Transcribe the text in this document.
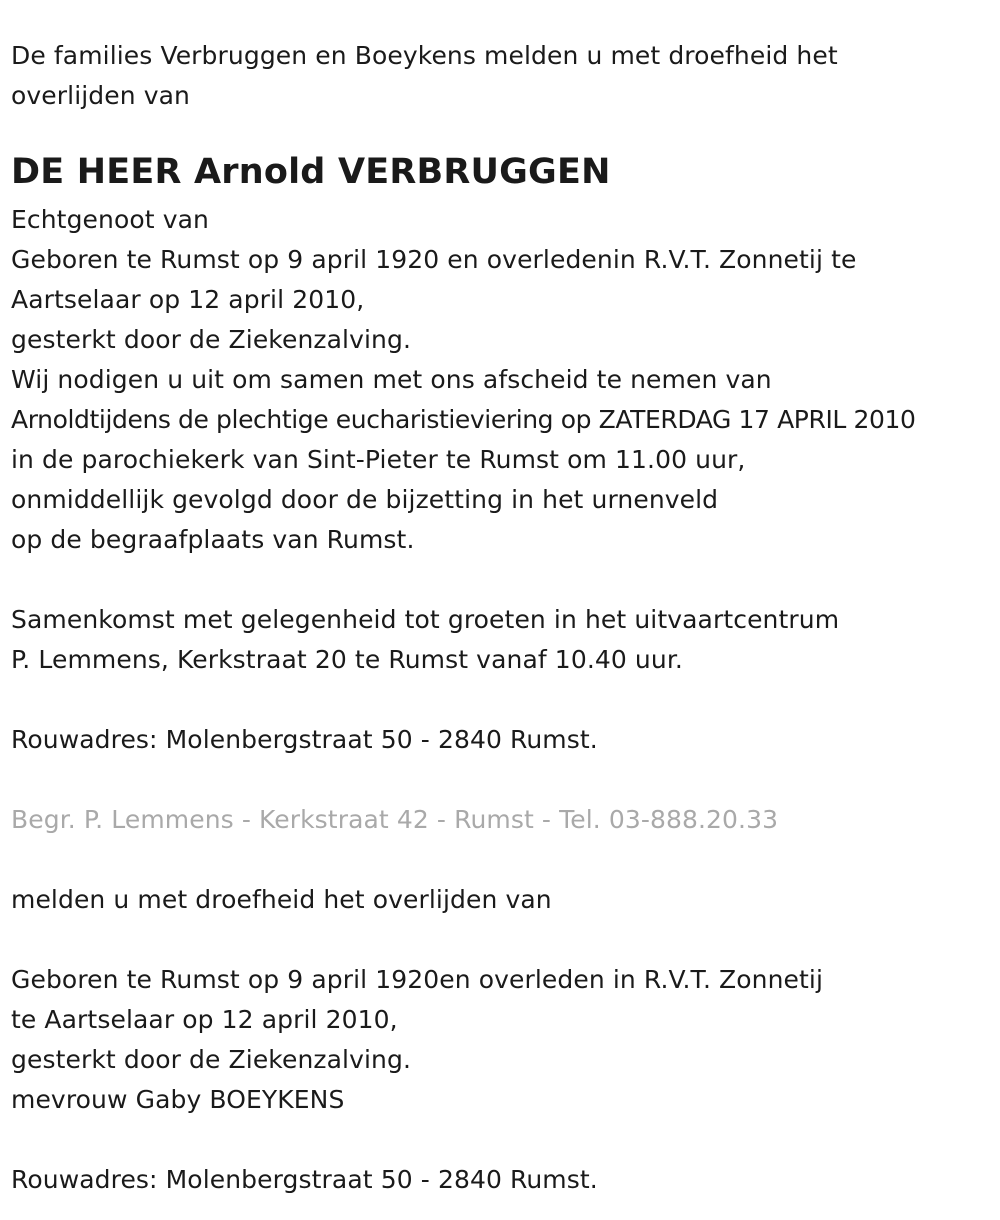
De families Verbruggen en Boeykens melden u met droefheid het
overlijden van
DE HEER Arnold VERBRUGGEN
Echtgenoot van
Geboren te Rumst op 9 april 1920 en overledenin R.V.T. Zonnetij te
Aartselaar op 12 april 2010,
gesterkt door de Ziekenzalving.
Wij nodigen u uit om samen met ons afscheid te nemen van
Arnoldtijdens de plechtige eucharistieviering op ZATERDAG 17 APRIL 2010
in de parochiekerk van Sint-Pieter te Rumst om 11.00 uur,
onmiddellijk gevolgd door de bijzetting in het urnenveld
op de begraafplaats van Rumst.
Samenkomst met gelegenheid tot groeten in het uitvaartcentrum
P. Lemmens, Kerkstraat 20 te Rumst vanaf 10.40 uur.
Rouwadres: Molenbergstraat 50 - 2840 Rumst.
Begr. P. Lemmens - Kerkstraat 42 - Rumst - Tel. 03-888.20.33
melden u met droefheid het overlijden van
Geboren te Rumst op 9 april 1920en overleden in R.V.T. Zonnetij
te Aartselaar op 12 april 2010,
gesterkt door de Ziekenzalving.
mevrouw Gaby BOEYKENS
Rouwadres: Molenbergstraat 50 - 2840 Rumst.
